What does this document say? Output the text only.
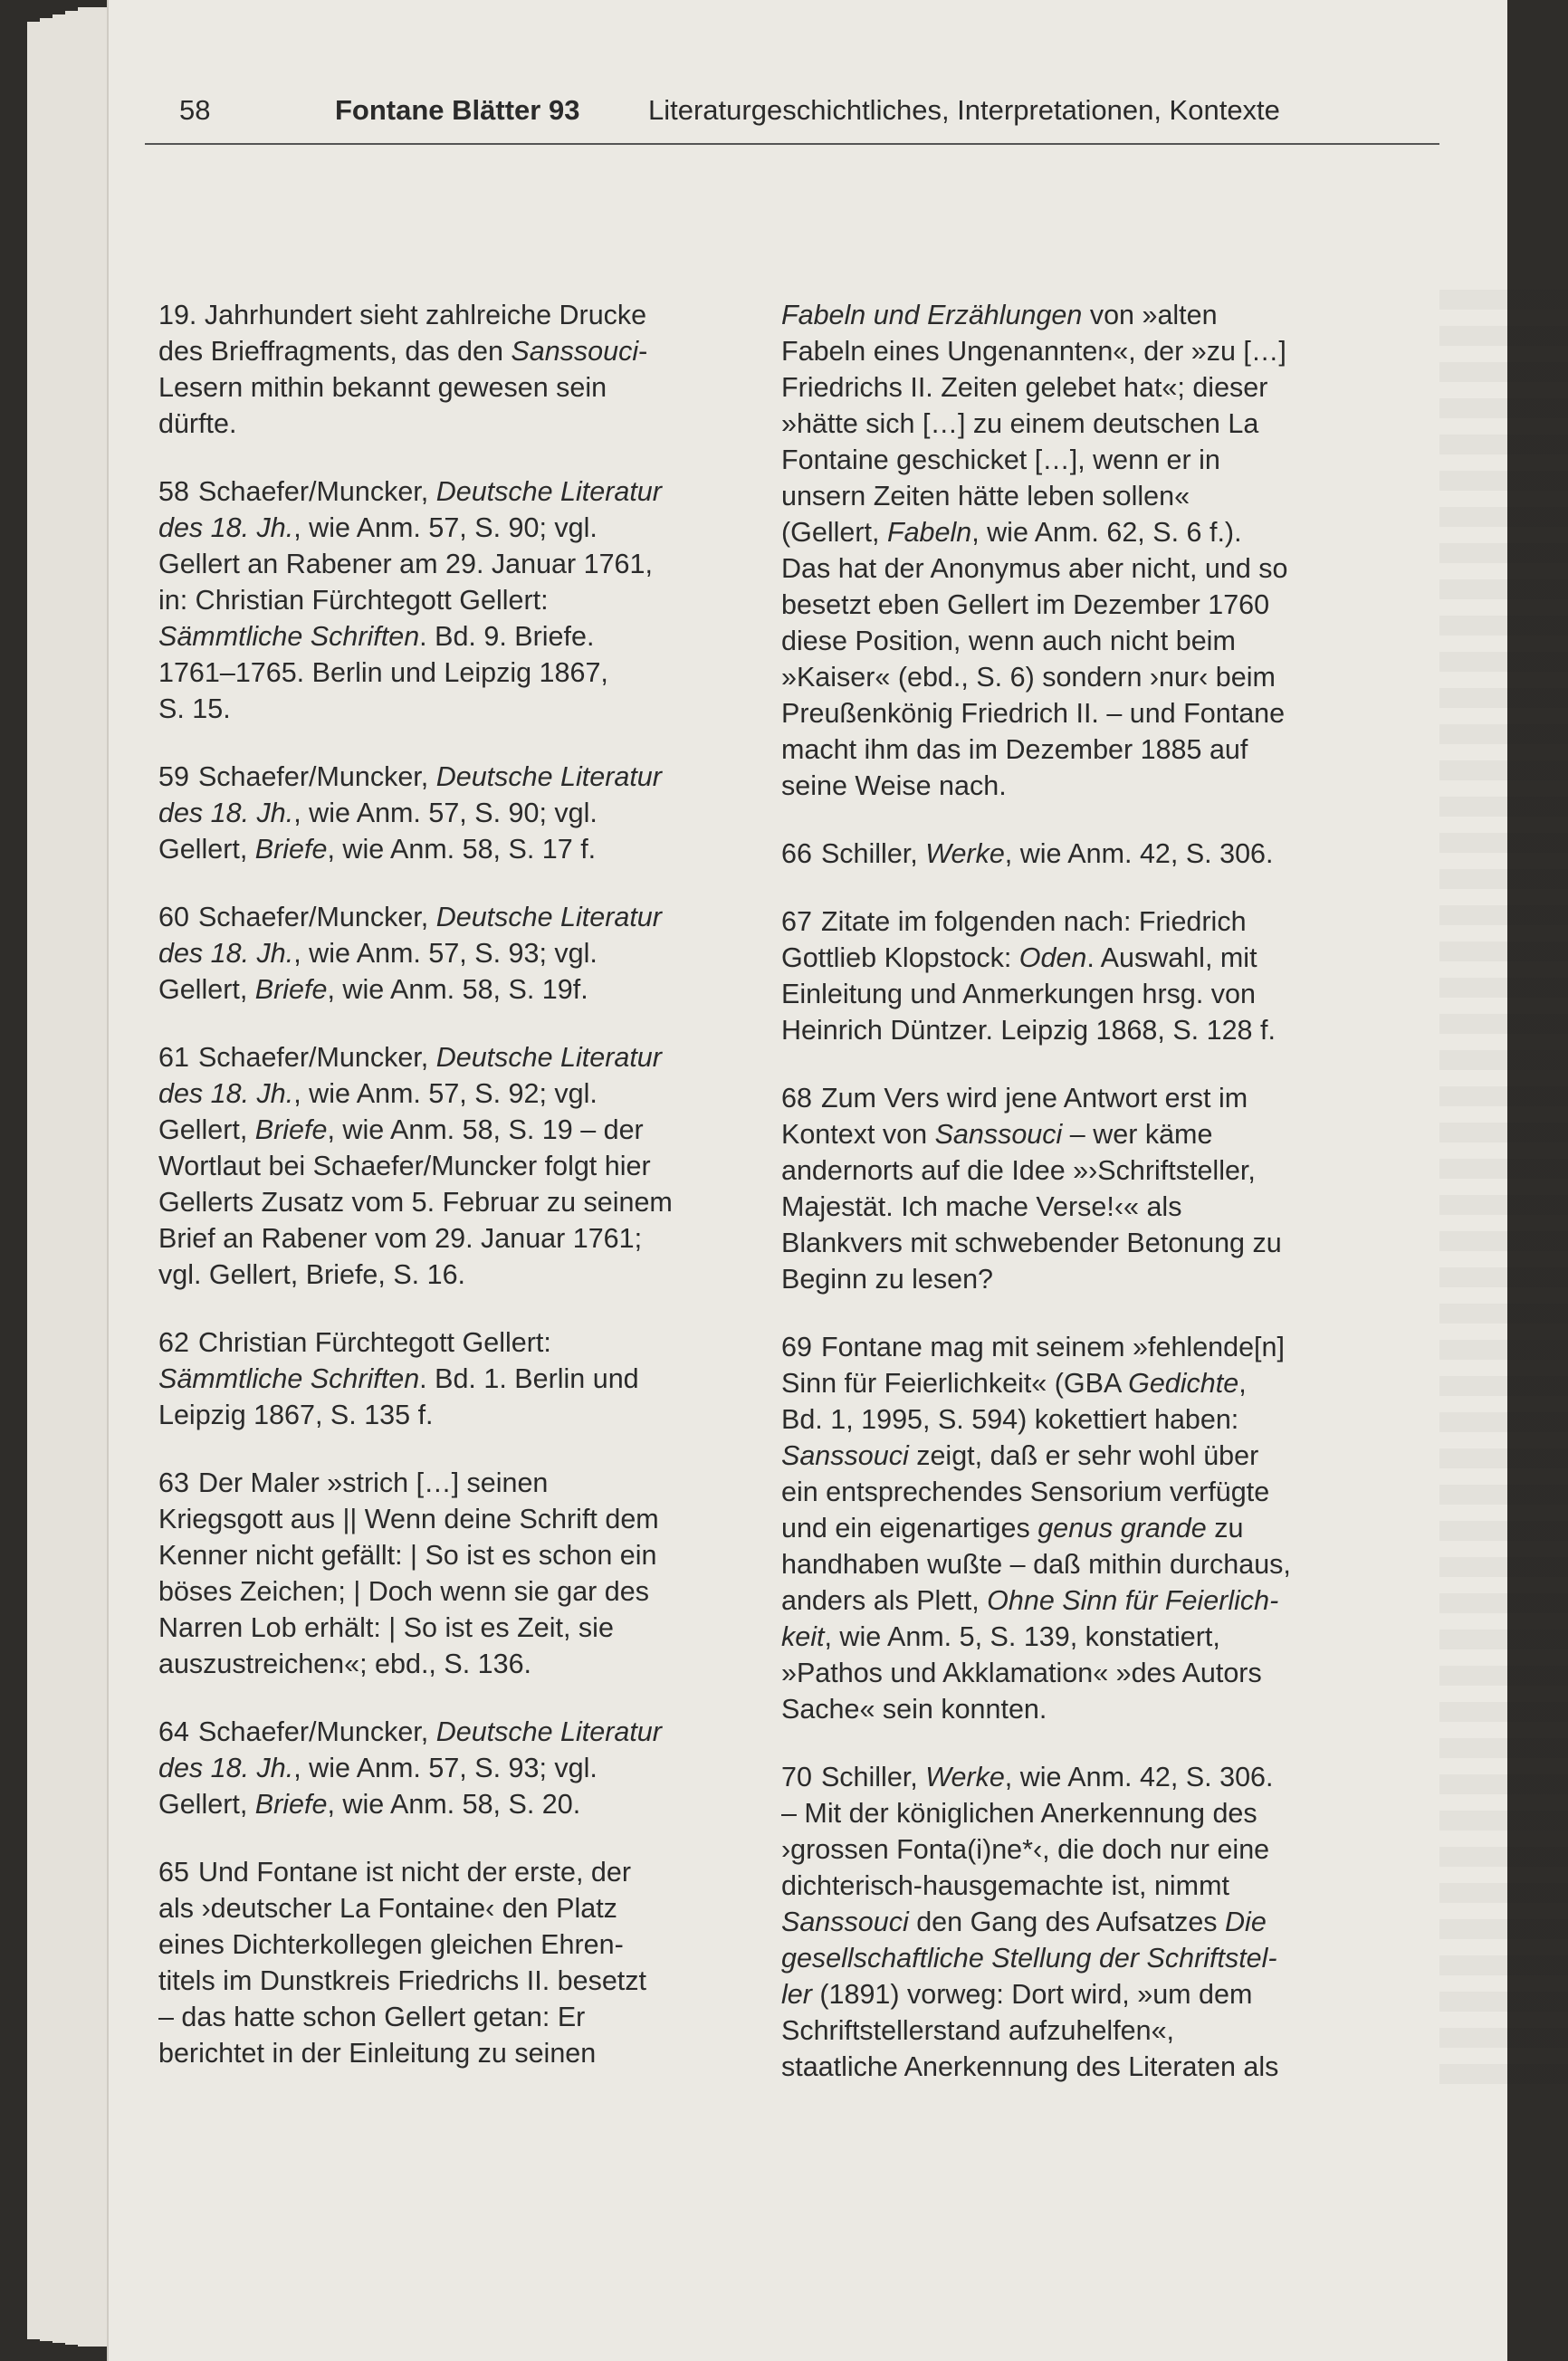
58	Fontane Blätter 93 Literaturgeschichtliches, Interpretationen, Kontexte
19. Jahrhundert sieht zahlreiche Drucke
des Brieffragments, das den Sanssouci-
Lesern mithin bekannt gewesen sein
dürfte.
58 Schaefer/Muncker, Deutsche Literatur
des 18. Jh., wie Anm. 57, S. 90; vgl.
Gellert an Rabener am 29. Januar 1761,
in: Christian Fürchtegott Gellert:
Sämmtliche Schriften. Bd. 9. Briefe.
1761–1765. Berlin und Leipzig 1867,
S. 15.
59 Schaefer/Muncker, Deutsche Literatur
des 18. Jh., wie Anm. 57, S. 90; vgl.
Gellert, Briefe, wie Anm. 58, S. 17 f.
60 Schaefer/Muncker, Deutsche Literatur
des 18. Jh., wie Anm. 57, S. 93; vgl.
Gellert, Briefe, wie Anm. 58, S. 19f.
61 Schaefer/Muncker, Deutsche Literatur
des 18. Jh., wie Anm. 57, S. 92; vgl.
Gellert, Briefe, wie Anm. 58, S. 19 – der
Wortlaut bei Schaefer/Muncker folgt hier
Gellerts Zusatz vom 5. Februar zu seinem
Brief an Rabener vom 29. Januar 1761;
vgl. Gellert, Briefe, S. 16.
62 Christian Fürchtegott Gellert:
Sämmtliche Schriften. Bd. 1. Berlin und
Leipzig 1867, S. 135 f.
63 Der Maler »strich […] seinen
Kriegsgott aus || Wenn deine Schrift dem
Kenner nicht gefällt: | So ist es schon ein
böses Zeichen; | Doch wenn sie gar des
Narren Lob erhält: | So ist es Zeit, sie
auszustreichen«; ebd., S. 136.
64 Schaefer/Muncker, Deutsche Literatur
des 18. Jh., wie Anm. 57, S. 93; vgl.
Gellert, Briefe, wie Anm. 58, S. 20.
65 Und Fontane ist nicht der erste, der
als ›deutscher La Fontaine‹ den Platz
eines Dichterkollegen gleichen Ehren-
titels im Dunstkreis Friedrichs II. besetzt
– das hatte schon Gellert getan: Er
berichtet in der Einleitung zu seinen
Fabeln und Erzählungen von »alten
Fabeln eines Ungenannten«, der »zu […]
Friedrichs II. Zeiten gelebet hat«; dieser
»hätte sich […] zu einem deutschen La
Fontaine geschicket […], wenn er in
unsern Zeiten hätte leben sollen«
(Gellert, Fabeln, wie Anm. 62, S. 6 f.).
Das hat der Anonymus aber nicht, und so
besetzt eben Gellert im Dezember 1760
diese Position, wenn auch nicht beim
»Kaiser« (ebd., S. 6) sondern ›nur‹ beim
Preußenkönig Friedrich II. – und Fontane
macht ihm das im Dezember 1885 auf
seine Weise nach.
66 Schiller, Werke, wie Anm. 42, S. 306.
67 Zitate im folgenden nach: Friedrich
Gottlieb Klopstock: Oden. Auswahl, mit
Einleitung und Anmerkungen hrsg. von
Heinrich Düntzer. Leipzig 1868, S. 128 f.
68 Zum Vers wird jene Antwort erst im
Kontext von Sanssouci – wer käme
andernorts auf die Idee »›Schriftsteller,
Majestät. Ich mache Verse!‹« als
Blankvers mit schwebender Betonung zu
Beginn zu lesen?
69 Fontane mag mit seinem »fehlende[n]
Sinn für Feierlichkeit« (GBA Gedichte,
Bd. 1, 1995, S. 594) kokettiert haben:
Sanssouci zeigt, daß er sehr wohl über
ein entsprechendes Sensorium verfügte
und ein eigenartiges genus grande zu
handhaben wußte – daß mithin durchaus,
anders als Plett, Ohne Sinn für Feierlich-
keit, wie Anm. 5, S. 139, konstatiert,
»Pathos und Akklamation« »des Autors
Sache« sein konnten.
70 Schiller, Werke, wie Anm. 42, S. 306.
– Mit der königlichen Anerkennung des
›grossen Fonta(i)ne*‹, die doch nur eine
dichterisch-hausgemachte ist, nimmt
Sanssouci den Gang des Aufsatzes Die
gesellschaftliche Stellung der Schriftstel-
ler (1891) vorweg: Dort wird, »um dem
Schriftstellerstand aufzuhelfen«,
staatliche Anerkennung des Literaten als
